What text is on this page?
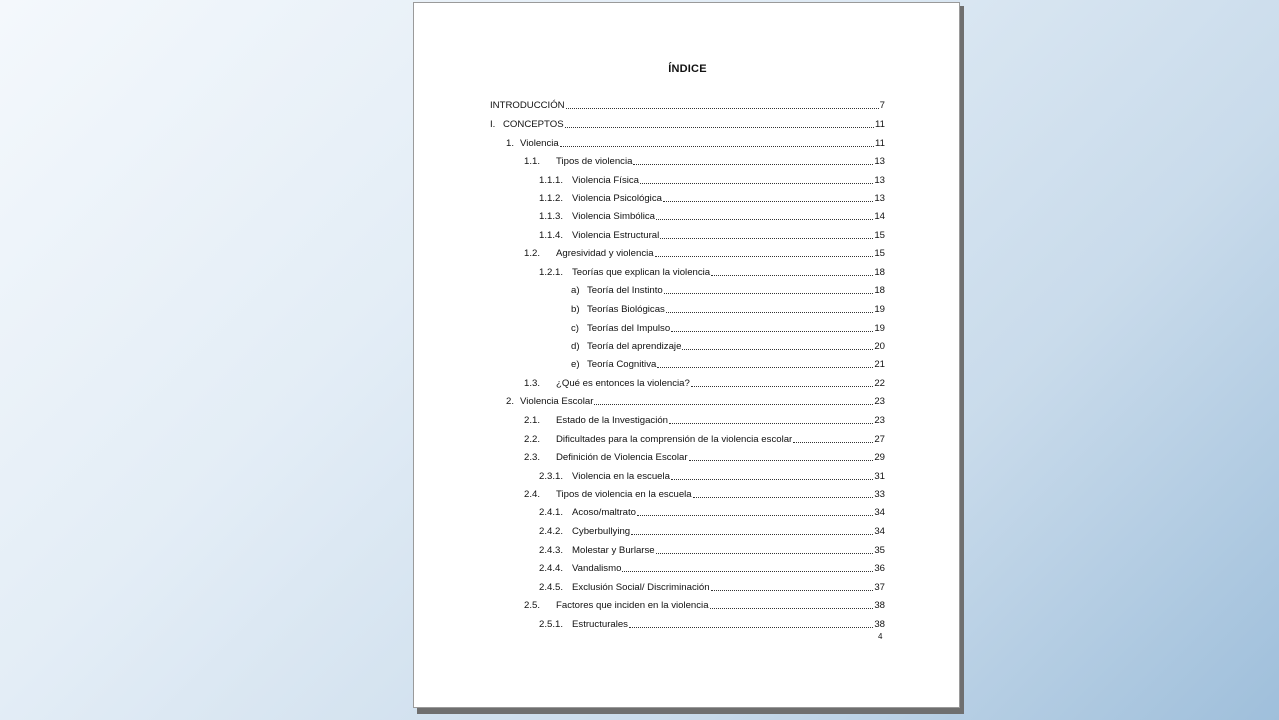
ÍNDICE
INTRODUCCIÓN	7
I. CONCEPTOS	11
1. Violencia	11
1.1.	Tipos de violencia	13
1.1.1. Violencia Física	13
1.1.2. Violencia Psicológica	13
1.1.3. Violencia Simbólica	14
1.1.4. Violencia Estructural	15
1.2.	Agresividad y violencia	15
1.2.1. Teorías que explican la violencia	18
a) Teoría del Instinto	18
b) Teorías Biológicas	19
c) Teorías del Impulso	19
d) Teoría del aprendizaje	20
e) Teoría Cognitiva	21
1.3.	¿Qué es entonces la violencia?	22
2. Violencia Escolar	23
2.1.	Estado de la Investigación	23
2.2.	Dificultades para la comprensión de la violencia escolar	27
2.3.	Definición de Violencia Escolar	29
2.3.1. Violencia en la escuela	31
2.4.	Tipos de violencia en la escuela	33
2.4.1. Acoso/maltrato	34
2.4.2. Cyberbullying	34
2.4.3. Molestar y Burlarse	35
2.4.4. Vandalismo	36
2.4.5. Exclusión Social/ Discriminación	37
2.5.	Factores que inciden en la violencia	38
2.5.1. Estructurales	38
4
